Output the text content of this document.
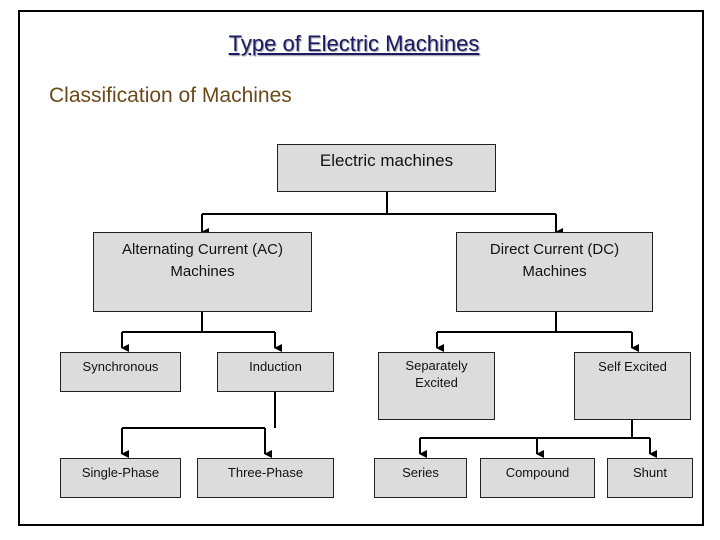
Type of Electric Machines
Classification of Machines
Electric machines
Alternating Current (AC)
Machines
Direct Current (DC)
Machines
Synchronous	Induction	Separately
Excited
Self Excited
Single-Phase	Three-Phase	Series	Compound	Shunt
